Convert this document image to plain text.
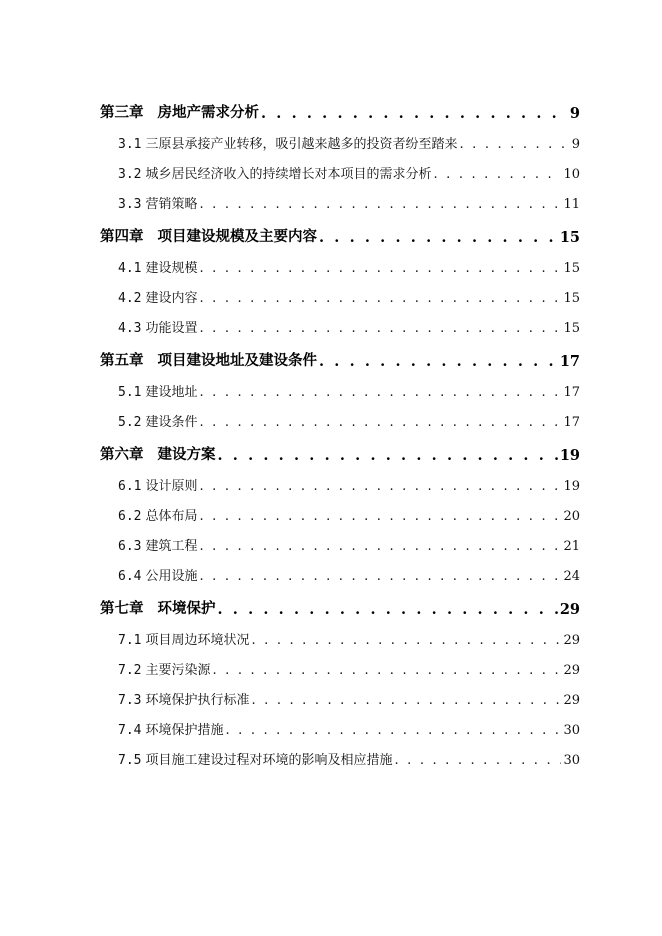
第三章 房地产需求分析 . . .	9
3.1 三原县承接产业转移，吸引越来越多的投资者纷至踏来 . . .	9
3.2 城乡居民经济收入的持续增长对本项目的需求分析 . . .	10
3.3 营销策略 . . .	11
第四章 项目建设规模及主要内容 . . .	15
4.1 建设规模 . . .	15
4.2 建设内容 . . .	15
4.3 功能设置 . . .	15
第五章 项目建设地址及建设条件 . . .	17
5.1 建设地址 . . .	17
5.2 建设条件 . . .	17
第六章 建设方案 . . .	19
6.1 设计原则 . . .	19
6.2 总体布局 . . .	20
6.3 建筑工程 . . .	21
6.4 公用设施 . . .	24
第七章 环境保护 . . .	29
7.1 项目周边环境状况 . . .	29
7.2 主要污染源 . . .	29
7.3 环境保护执行标准 . . .	29
7.4 环境保护措施 . . .	30
7.5 项目施工建设过程对环境的影响及相应措施 . . .	30
